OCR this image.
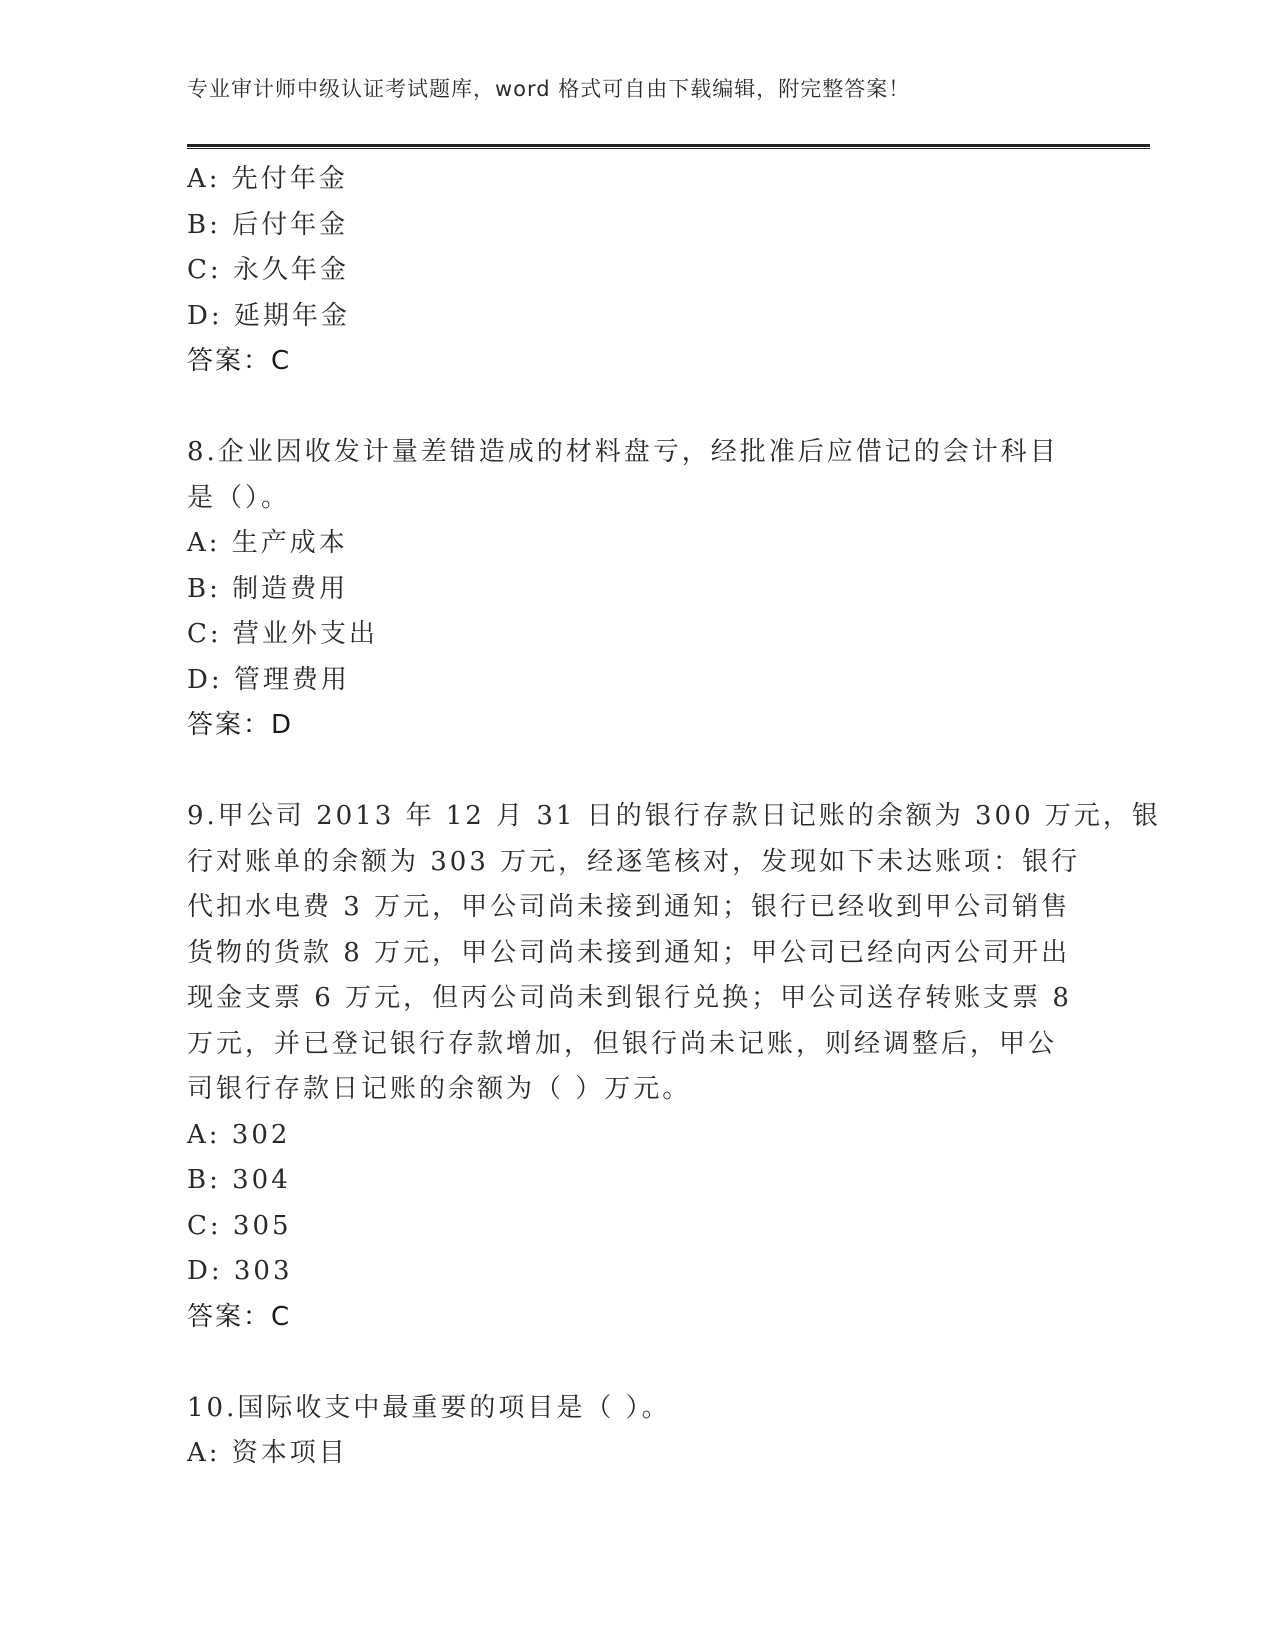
专业审计师中级认证考试题库，word 格式可自由下载编辑，附完整答案！
A: 先付年金
B: 后付年金
C: 永久年金
D: 延期年金
答案：C
8.企业因收发计量差错造成的材料盘亏，经批准后应借记的会计科目
是（）。
A: 生产成本
B: 制造费用
C: 营业外支出
D: 管理费用
答案：D
9.甲公司 2013 年 12 月 31 日的银行存款日记账的余额为 300 万元，银
行对账单的余额为 303 万元，经逐笔核对，发现如下未达账项：银行
代扣水电费 3 万元，甲公司尚未接到通知；银行已经收到甲公司销售
货物的货款 8 万元，甲公司尚未接到通知；甲公司已经向丙公司开出
现金支票 6 万元，但丙公司尚未到银行兑换；甲公司送存转账支票 8
万元，并已登记银行存款增加，但银行尚未记账，则经调整后，甲公
司银行存款日记账的余额为（ ）万元。
A: 302
B: 304
C: 305
D: 303
答案：C
10.国际收支中最重要的项目是（ ）。
A: 资本项目
